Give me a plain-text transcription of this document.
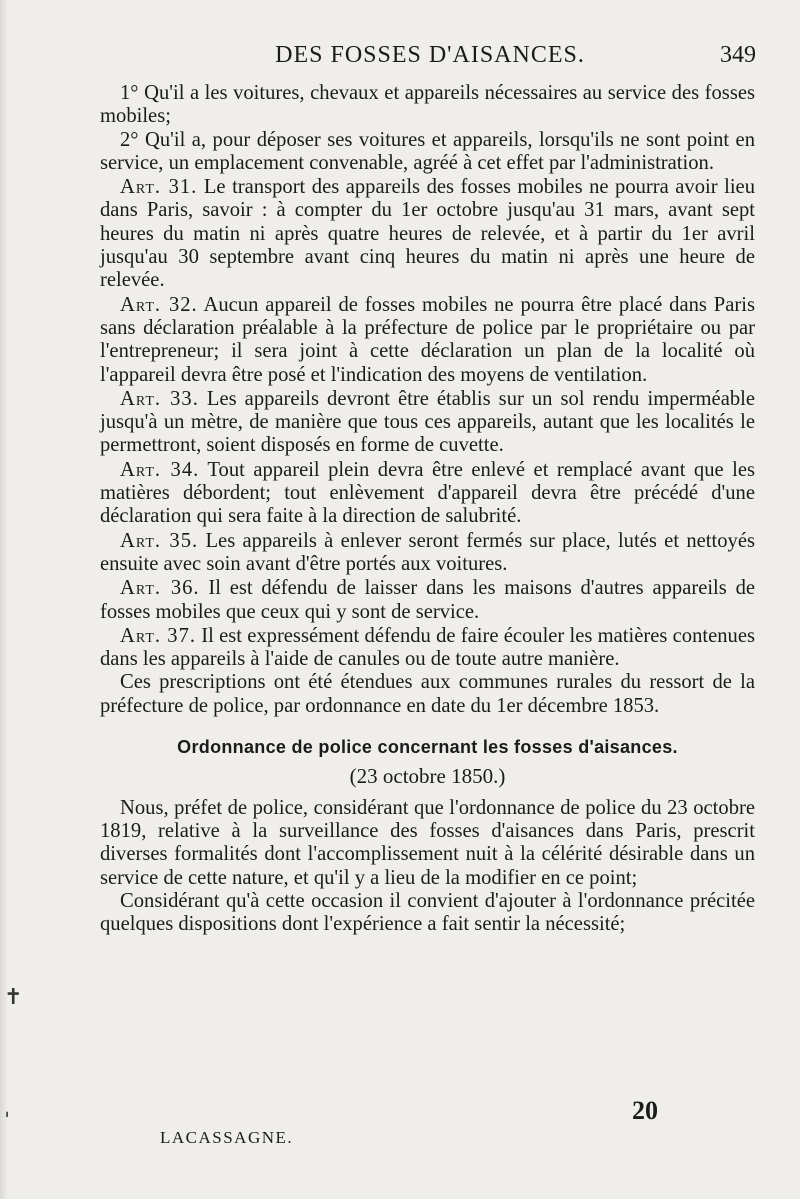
DES FOSSES D'AISANCES.	349

1° Qu'il a les voitures, chevaux et appareils nécessaires au service des fosses mobiles;

2° Qu'il a, pour déposer ses voitures et appareils, lorsqu'ils ne sont point en service, un emplacement convenable, agréé à cet effet par l'administration.

Art. 31. Le transport des appareils des fosses mobiles ne pourra avoir lieu dans Paris, savoir : à compter du 1er octobre jusqu'au 31 mars, avant sept heures du matin ni après quatre heures de relevée, et à partir du 1er avril jusqu'au 30 septembre avant cinq heures du matin ni après une heure de relevée.

Art. 32. Aucun appareil de fosses mobiles ne pourra être placé dans Paris sans déclaration préalable à la préfecture de police par le propriétaire ou par l'entrepreneur; il sera joint à cette déclaration un plan de la localité où l'appareil devra être posé et l'indication des moyens de ventilation.

Art. 33. Les appareils devront être établis sur un sol rendu imperméable jusqu'à un mètre, de manière que tous ces appareils, autant que les localités le permettront, soient disposés en forme de cuvette.

Art. 34. Tout appareil plein devra être enlevé et remplacé avant que les matières débordent; tout enlèvement d'appareil devra être précédé d'une déclaration qui sera faite à la direction de salubrité.

Art. 35. Les appareils à enlever seront fermés sur place, lutés et nettoyés ensuite avec soin avant d'être portés aux voitures.

Art. 36. Il est défendu de laisser dans les maisons d'autres appareils de fosses mobiles que ceux qui y sont de service.

Art. 37. Il est expressément défendu de faire écouler les matières contenues dans les appareils à l'aide de canules ou de toute autre manière.

Ces prescriptions ont été étendues aux communes rurales du ressort de la préfecture de police, par ordonnance en date du 1er décembre 1853.

Ordonnance de police concernant les fosses d'aisances.
(23 octobre 1850.)

Nous, préfet de police, considérant que l'ordonnance de police du 23 octobre 1819, relative à la surveillance des fosses d'aisances dans Paris, prescrit diverses formalités dont l'accomplissement nuit à la célérité désirable dans un service de cette nature, et qu'il y a lieu de la modifier en ce point;

Considérant qu'à cette occasion il convient d'ajouter à l'ordonnance précitée quelques dispositions dont l'expérience a fait sentir la nécessité;

LACASSAGNE.
20
✝
ˌ
